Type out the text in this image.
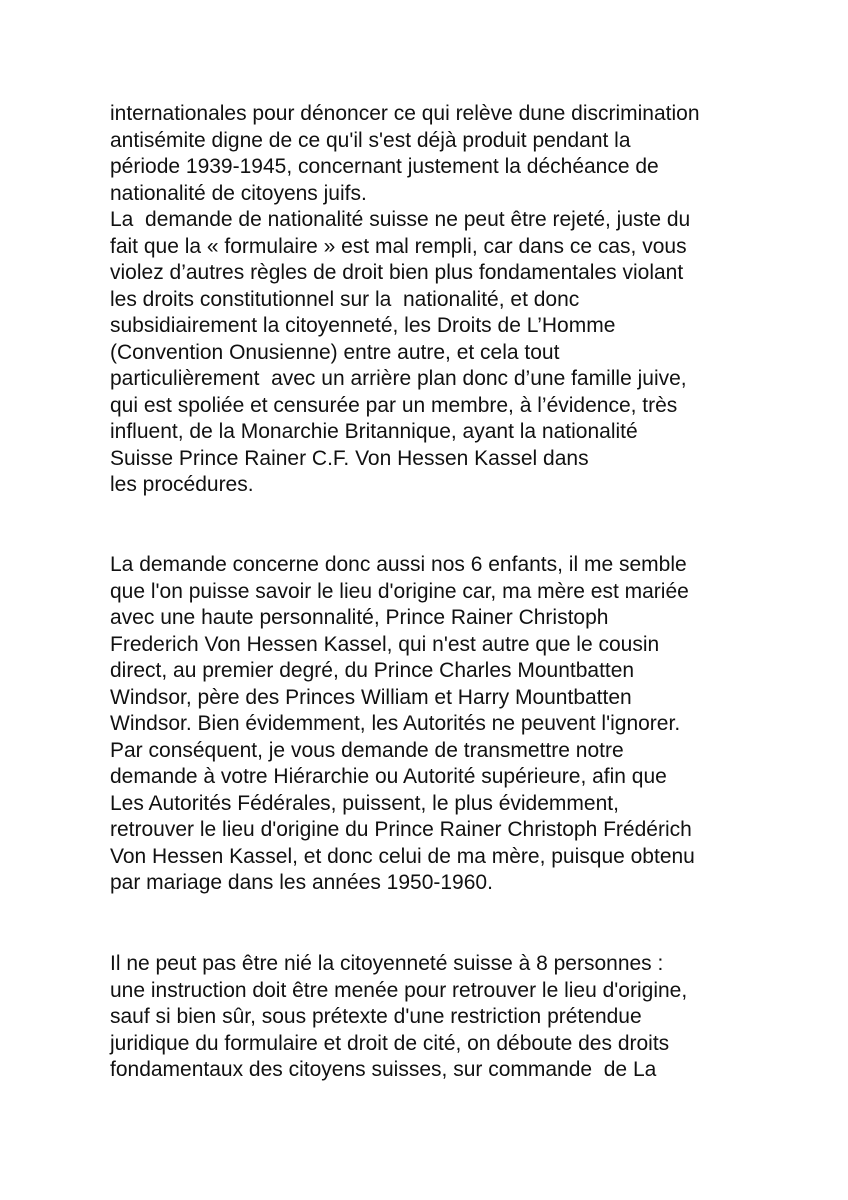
internationales pour dénoncer ce qui relève dune discrimination
antisémite digne de ce qu'il s'est déjà produit pendant la
période 1939-1945, concernant justement la déchéance de
nationalité de citoyens juifs.
La  demande de nationalité suisse ne peut être rejeté, juste du
fait que la « formulaire » est mal rempli, car dans ce cas, vous
violez d’autres règles de droit bien plus fondamentales violant
les droits constitutionnel sur la  nationalité, et donc
subsidiairement la citoyenneté, les Droits de L’Homme
(Convention Onusienne) entre autre, et cela tout
particulièrement  avec un arrière plan donc d’une famille juive,
qui est spoliée et censurée par un membre, à l’évidence, très
influent, de la Monarchie Britannique, ayant la nationalité
Suisse Prince Rainer C.F. Von Hessen Kassel dans
les procédures.
La demande concerne donc aussi nos 6 enfants, il me semble
que l'on puisse savoir le lieu d'origine car, ma mère est mariée
avec une haute personnalité, Prince Rainer Christoph
Frederich Von Hessen Kassel, qui n'est autre que le cousin
direct, au premier degré, du Prince Charles Mountbatten
Windsor, père des Princes William et Harry Mountbatten
Windsor. Bien évidemment, les Autorités ne peuvent l'ignorer.
Par conséquent, je vous demande de transmettre notre
demande à votre Hiérarchie ou Autorité supérieure, afin que
Les Autorités Fédérales, puissent, le plus évidemment,
retrouver le lieu d'origine du Prince Rainer Christoph Frédérich
Von Hessen Kassel, et donc celui de ma mère, puisque obtenu
par mariage dans les années 1950-1960.
Il ne peut pas être nié la citoyenneté suisse à 8 personnes :
une instruction doit être menée pour retrouver le lieu d'origine,
sauf si bien sûr, sous prétexte d'une restriction prétendue
juridique du formulaire et droit de cité, on déboute des droits
fondamentaux des citoyens suisses, sur commande  de La
